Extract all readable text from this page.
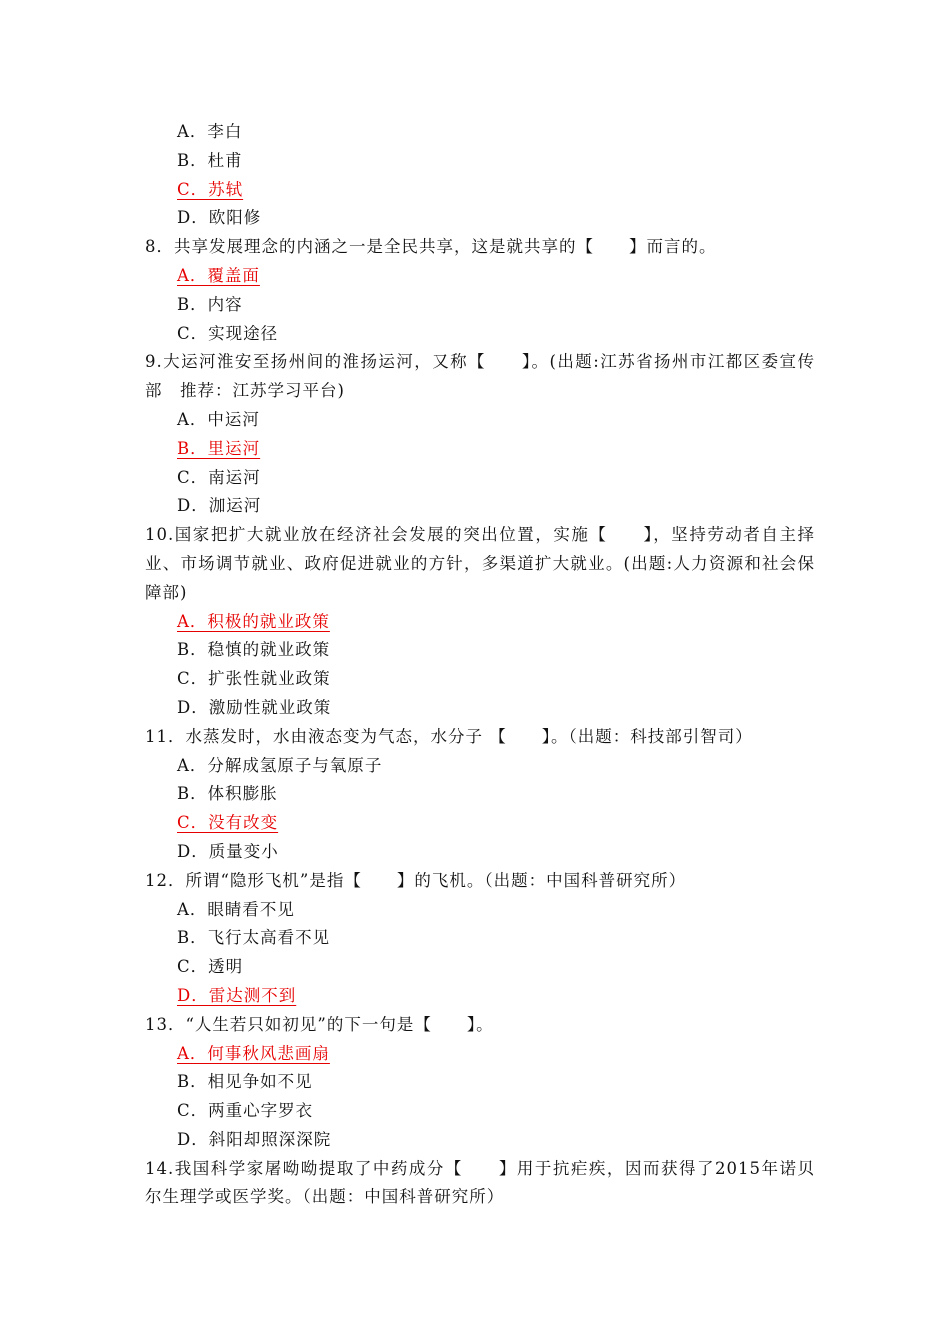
A．李白
B．杜甫
C．苏轼
D．欧阳修
8．共享发展理念的内涵之一是全民共享，这是就共享的【　　】而言的。
A．覆盖面
B．内容
C．实现途径
9.大运河淮安至扬州间的淮扬运河，又称【　　】。(出题:江苏省扬州市江都区委宣传部　推荐：江苏学习平台)
A．中运河
B．里运河
C．南运河
D．泇运河
10.国家把扩大就业放在经济社会发展的突出位置，实施【　　】，坚持劳动者自主择业、市场调节就业、政府促进就业的方针，多渠道扩大就业。(出题:人力资源和社会保障部)
A．积极的就业政策
B．稳慎的就业政策
C．扩张性就业政策
D．激励性就业政策
11．水蒸发时，水由液态变为气态，水分子 【　　】。（出题：科技部引智司）
A．分解成氢原子与氧原子
B．体积膨胀
C．没有改变
D．质量变小
12．所谓“隐形飞机”是指【　　】的飞机。（出题：中国科普研究所）
A．眼睛看不见
B．飞行太高看不见
C．透明
D．雷达测不到
13．“人生若只如初见”的下一句是【　　】。
A．何事秋风悲画扇
B．相见争如不见
C．两重心字罗衣
D．斜阳却照深深院
14.我国科学家屠呦呦提取了中药成分【　　】用于抗疟疾，因而获得了2015年诺贝尔生理学或医学奖。（出题：中国科普研究所）
